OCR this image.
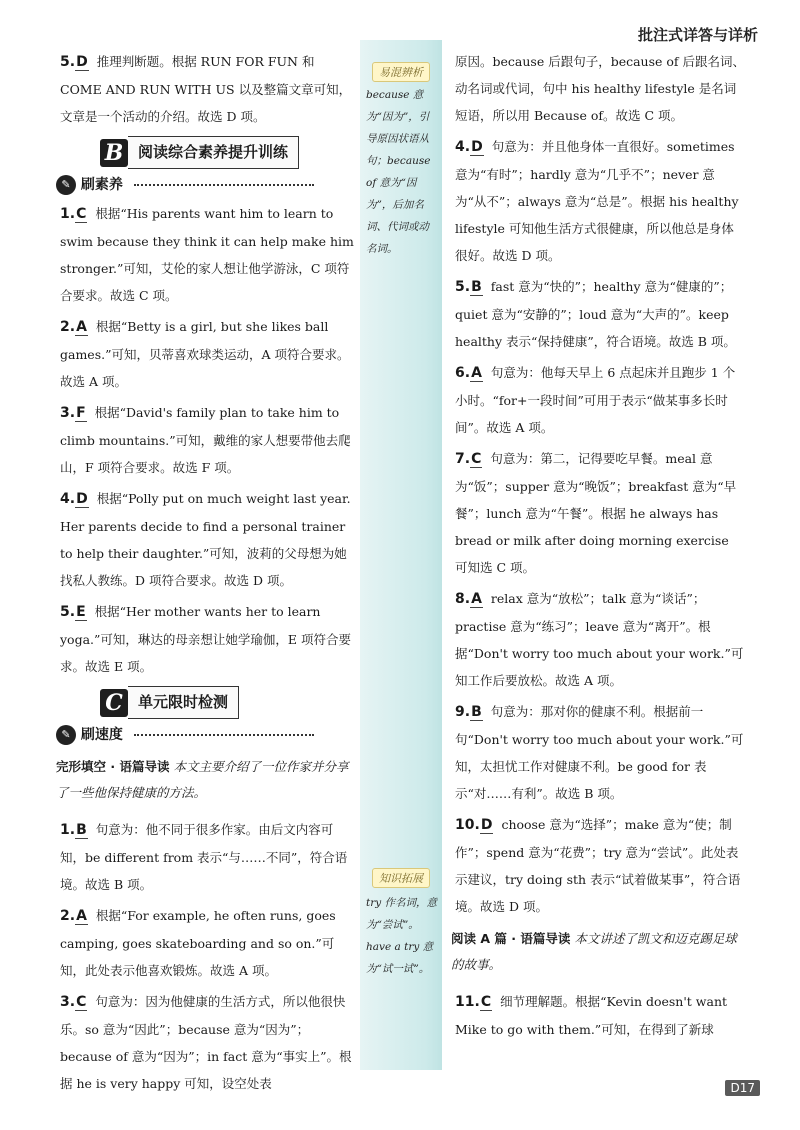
批注式详答与详析
易混辨析
because 意为“因为”，引导原因状语从句；because of 意为“因为”，后加名词、代词或动名词。
知识拓展
try 作名词，意为“尝试”。have a try 意为“试一试”。
5.D 推理判断题。根据 RUN FOR FUN 和 COME AND RUN WITH US 以及整篇文章可知，文章是一个活动的介绍。故选 D 项。
B 阅读综合素养提升训练
✎ 刷素养
1.C 根据“His parents want him to learn to swim because they think it can help make him stronger.”可知，艾伦的家人想让他学游泳，C 项符合要求。故选 C 项。
2.A 根据“Betty is a girl, but she likes ball games.”可知，贝蒂喜欢球类运动，A 项符合要求。故选 A 项。
3.F 根据“David's family plan to take him to climb mountains.”可知，戴维的家人想要带他去爬山，F 项符合要求。故选 F 项。
4.D 根据“Polly put on much weight last year. Her parents decide to find a personal trainer to help their daughter.”可知，波莉的父母想为她找私人教练。D 项符合要求。故选 D 项。
5.E 根据“Her mother wants her to learn yoga.”可知，琳达的母亲想让她学瑜伽，E 项符合要求。故选 E 项。
C 单元限时检测
✎ 刷速度
完形填空 · 语篇导读 本文主要介绍了一位作家并分享了一些他保持健康的方法。
1.B 句意为：他不同于很多作家。由后文内容可知，be different from 表示“与……不同”，符合语境。故选 B 项。
2.A 根据“For example, he often runs, goes camping, goes skateboarding and so on.”可知，此处表示他喜欢锻炼。故选 A 项。
3.C 句意为：因为他健康的生活方式，所以他很快乐。so 意为“因此”；because 意为“因为”；because of 意为“因为”；in fact 意为“事实上”。根据 he is very happy 可知，设空处表
原因。because 后跟句子，because of 后跟名词、动名词或代词，句中 his healthy lifestyle 是名词短语，所以用 Because of。故选 C 项。
4.D 句意为：并且他身体一直很好。sometimes 意为“有时”；hardly 意为“几乎不”；never 意为“从不”；always 意为“总是”。根据 his healthy lifestyle 可知他生活方式很健康，所以他总是身体很好。故选 D 项。
5.B fast 意为“快的”；healthy 意为“健康的”；quiet 意为“安静的”；loud 意为“大声的”。keep healthy 表示“保持健康”，符合语境。故选 B 项。
6.A 句意为：他每天早上 6 点起床并且跑步 1 个小时。“for+一段时间”可用于表示“做某事多长时间”。故选 A 项。
7.C 句意为：第二，记得要吃早餐。meal 意为“饭”；supper 意为“晚饭”；breakfast 意为“早餐”；lunch 意为“午餐”。根据 he always has bread or milk after doing morning exercise 可知选 C 项。
8.A relax 意为“放松”；talk 意为“谈话”；practise 意为“练习”；leave 意为“离开”。根据“Don't worry too much about your work.”可知工作后要放松。故选 A 项。
9.B 句意为：那对你的健康不利。根据前一句“Don't worry too much about your work.”可知，太担忧工作对健康不利。be good for 表示“对……有利”。故选 B 项。
10.D choose 意为“选择”；make 意为“使；制作”；spend 意为“花费”；try 意为“尝试”。此处表示建议，try doing sth 表示“试着做某事”，符合语境。故选 D 项。
阅读 A 篇 · 语篇导读 本文讲述了凯文和迈克踢足球的故事。
11.C 细节理解题。根据“Kevin doesn't want Mike to go with them.”可知，在得到了新球
D17
